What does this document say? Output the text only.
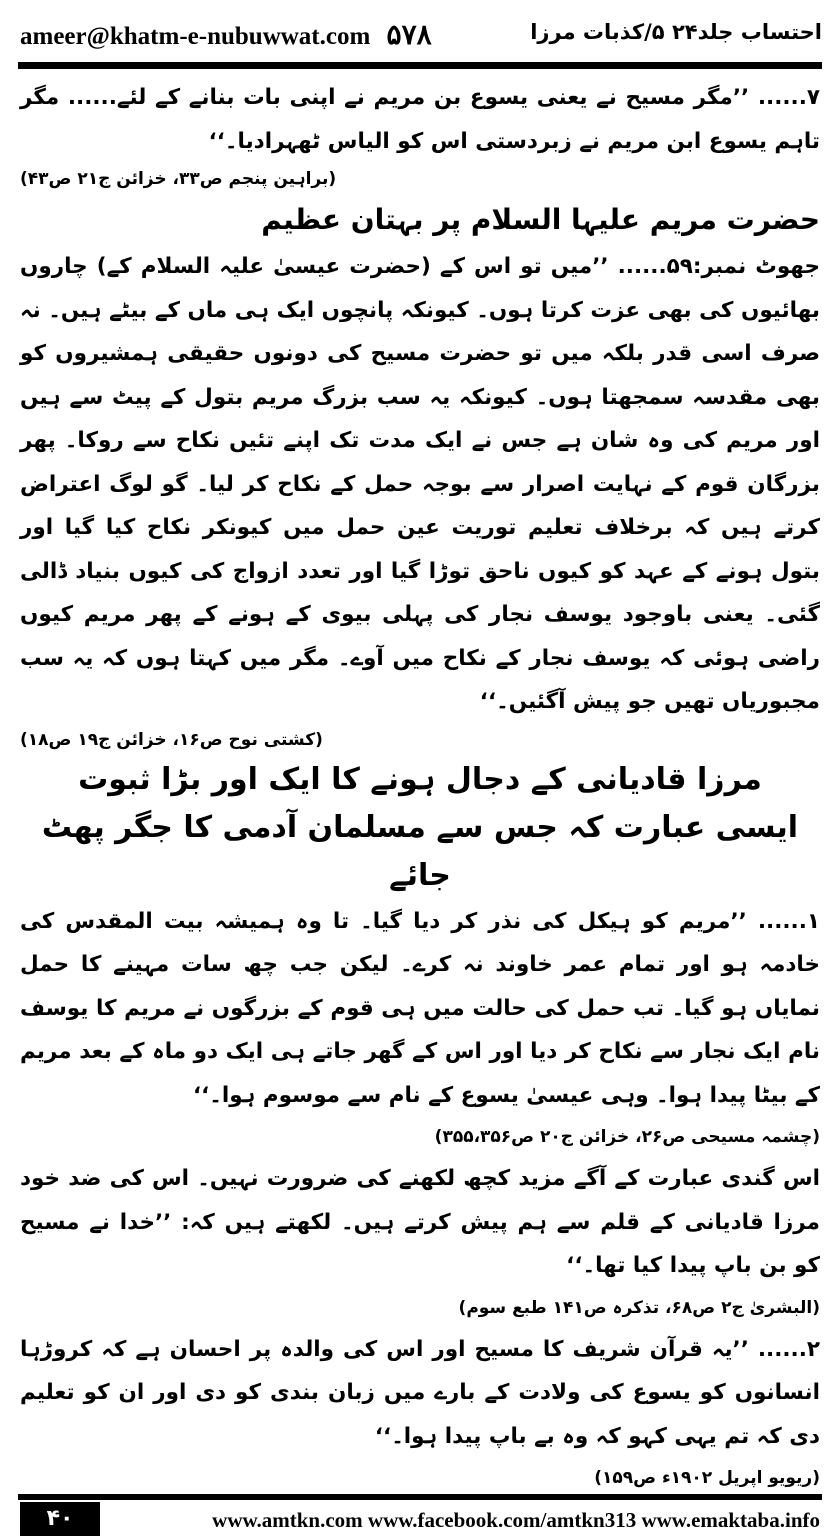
ameer@khatm-e-nubuwwat.com ۵۷۸	احتساب جلد۲۴ ۵/کذبات مرزا

۷...... ’’مگر مسیح نے یعنی یسوع بن مریم نے اپنی بات بنانے کے لئے...... مگر تاہم یسوع ابن مریم نے زبردستی اس کو الیاس ٹھہرادیا۔‘‘

(براہین پنجم ص۳۳، خزائن ج۲۱ ص۴۳)

حضرت مریم علیہا السلام پر بہتان عظیم

جھوٹ نمبر:۵۹...... ’’میں تو اس کے (حضرت عیسیٰ علیہ السلام کے) چاروں بھائیوں کی بھی عزت کرتا ہوں۔ کیونکہ پانچوں ایک ہی ماں کے بیٹے ہیں۔ نہ صرف اسی قدر بلکہ میں تو حضرت مسیح کی دونوں حقیقی ہمشیروں کو بھی مقدسہ سمجھتا ہوں۔ کیونکہ یہ سب بزرگ مریم بتول کے پیٹ سے ہیں اور مریم کی وہ شان ہے جس نے ایک مدت تک اپنے تئیں نکاح سے روکا۔ پھر بزرگان قوم کے نہایت اصرار سے بوجہ حمل کے نکاح کر لیا۔ گو لوگ اعتراض کرتے ہیں کہ برخلاف تعلیم توریت عین حمل میں کیونکر نکاح کیا گیا اور بتول ہونے کے عہد کو کیوں ناحق توڑا گیا اور تعدد ازواج کی کیوں بنیاد ڈالی گئی۔ یعنی باوجود یوسف نجار کی پہلی بیوی کے ہونے کے پھر مریم کیوں راضی ہوئی کہ یوسف نجار کے نکاح میں آوے۔ مگر میں کہتا ہوں کہ یہ سب مجبوریاں تھیں جو پیش آگئیں۔‘‘

(کشتی نوح ص۱۶، خزائن ج۱۹ ص۱۸)

مرزا قادیانی کے دجال ہونے کا ایک اور بڑا ثبوت

ایسی عبارت کہ جس سے مسلمان آدمی کا جگر پھٹ جائے

۱...... ’’مریم کو ہیکل کی نذر کر دیا گیا۔ تا وہ ہمیشہ بیت المقدس کی خادمہ ہو اور تمام عمر خاوند نہ کرے۔ لیکن جب چھ سات مہینے کا حمل نمایاں ہو گیا۔ تب حمل کی حالت میں ہی قوم کے بزرگوں نے مریم کا یوسف نام ایک نجار سے نکاح کر دیا اور اس کے گھر جاتے ہی ایک دو ماہ کے بعد مریم کے بیٹا پیدا ہوا۔ وہی عیسیٰ یسوع کے نام سے موسوم ہوا۔‘‘

(چشمہ مسیحی ص۲۶، خزائن ج۲۰ ص۳۵۵،۳۵۶)

اس گندی عبارت کے آگے مزید کچھ لکھنے کی ضرورت نہیں۔ اس کی ضد خود مرزا قادیانی کے قلم سے ہم پیش کرتے ہیں۔ لکھتے ہیں کہ: ’’خدا نے مسیح کو بن باپ پیدا کیا تھا۔‘‘

(البشریٰ ج۲ ص۶۸، تذکرہ ص۱۴۱ طبع سوم)

۲...... ’’یہ قرآن شریف کا مسیح اور اس کی والدہ پر احسان ہے کہ کروڑہا انسانوں کو یسوع کی ولادت کے بارے میں زبان بندی کو دی اور ان کو تعلیم دی کہ تم یہی کہو کہ وہ بے باپ پیدا ہوا۔‘‘

(ریویو اپریل ۱۹۰۲ء ص۱۵۹)

۴۰	www.amtkn.com www.facebook.com/amtkn313 www.emaktaba.info
